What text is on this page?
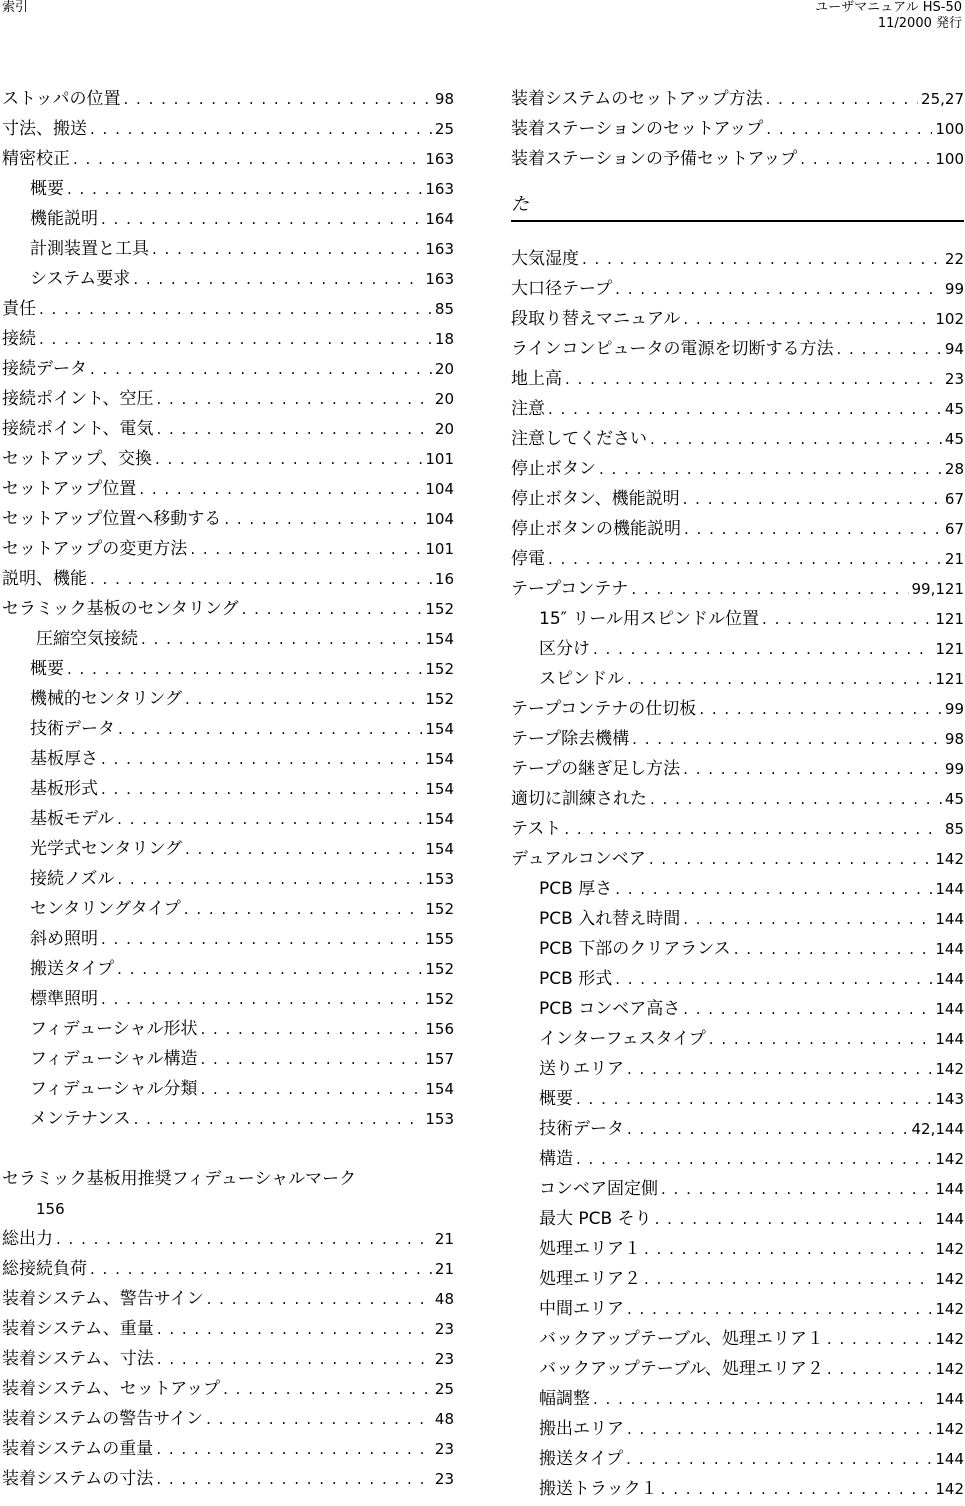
索引	ユーザマニュアル HS-50
11/2000 発行
ストッパの位置 . . .	98
寸法、搬送 . . .	25
精密校正 . . .	163
概要 . . .	163
機能説明 . . .	164
計測装置と工具 . . .	163
システム要求 . . .	163
責任 . . .	85
接続 . . .	18
接続データ . . .	20
接続ポイント、空圧 . . .	20
接続ポイント、電気 . . .	20
セットアップ、交換 . . .	101
セットアップ位置 . . .	104
セットアップ位置へ移動する . . .	104
セットアップの変更方法 . . .	101
説明、機能 . . .	16
セラミック基板のセンタリング . . .	152
圧縮空気接続 . . .	154
概要 . . .	152
機械的センタリング . . .	152
技術データ . . .	154
基板厚さ . . .	154
基板形式 . . .	154
基板モデル . . .	154
光学式センタリング . . .	154
接続ノズル . . .	153
センタリングタイプ . . .	152
斜め照明 . . .	155
搬送タイプ . . .	152
標準照明 . . .	152
フィデューシャル形状 . . .	156
フィデューシャル構造 . . .	157
フィデューシャル分類 . . .	154
メンテナンス . . .	153
セラミック基板用推奨フィデューシャルマーク
156
総出力 . . .	21
総接続負荷 . . .	21
装着システム、警告サイン . . .	48
装着システム、重量 . . .	23
装着システム、寸法 . . .	23
装着システム、セットアップ . . .	25
装着システムの警告サイン . . .	48
装着システムの重量 . . .	23
装着システムの寸法 . . .	23
装着システムのセットアップ方法 . . .	25,27
装着ステーションのセットアップ . . .	100
装着ステーションの予備セットアップ . . .	100
た
大気湿度 . . .	22
大口径テープ . . .	99
段取り替えマニュアル . . .	102
ラインコンピュータの電源を切断する方法 . . .	94
地上高 . . .	23
注意 . . .	45
注意してください . . .	45
停止ボタン . . .	28
停止ボタン、機能説明 . . .	67
停止ボタンの機能説明 . . .	67
停電 . . .	21
テープコンテナ . . .	99,121
15″ リール用スピンドル位置 . . .	121
区分け . . .	121
スピンドル . . .	121
テープコンテナの仕切板 . . .	99
テープ除去機構 . . .	98
テープの継ぎ足し方法 . . .	99
適切に訓練された . . .	45
テスト . . .	85
デュアルコンベア . . .	142
PCB 厚さ . . .	144
PCB 入れ替え時間 . . .	144
PCB 下部のクリアランス . . .	144
PCB 形式 . . .	144
PCB コンベア高さ . . .	144
インターフェスタイプ . . .	144
送りエリア . . .	142
概要 . . .	143
技術データ . . .	42,144
構造 . . .	142
コンベア固定側 . . .	144
最大 PCB そり . . .	144
処理エリア１ . . .	142
処理エリア２ . . .	142
中間エリア . . .	142
バックアップテーブル、処理エリア１ . . .	142
バックアップテーブル、処理エリア２ . . .	142
幅調整 . . .	144
搬出エリア . . .	142
搬送タイプ . . .	144
搬送トラック１ . . .	142
